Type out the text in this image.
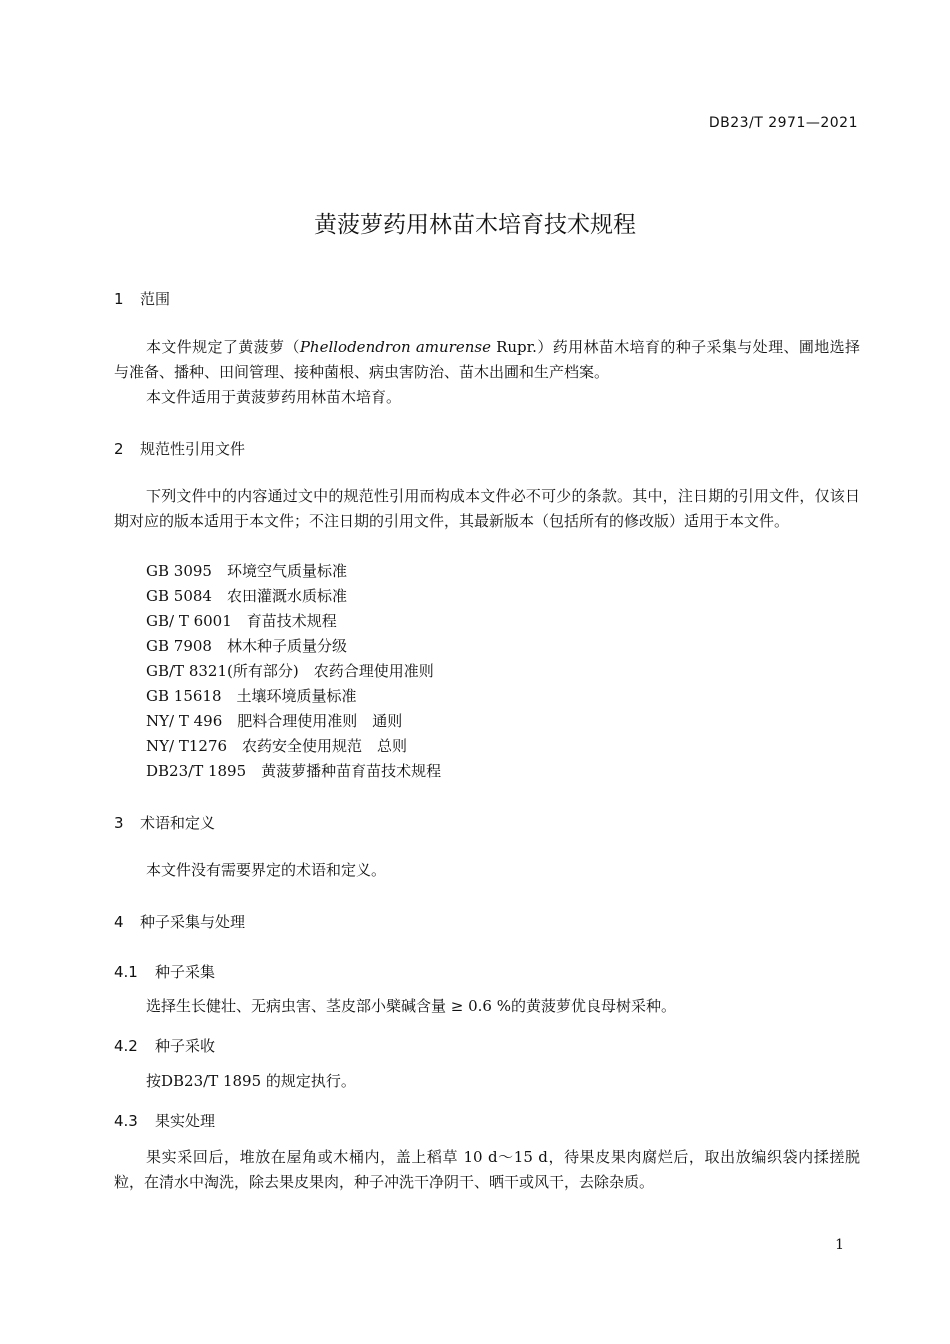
DB23/T 2971—2021
黄菠萝药用林苗木培育技术规程
1 范围
本文件规定了黄菠萝（Phellodendron amurense Rupr.）药用林苗木培育的种子采集与处理、圃地选择与准备、播种、田间管理、接种菌根、病虫害防治、苗木出圃和生产档案。
本文件适用于黄菠萝药用林苗木培育。
2 规范性引用文件
下列文件中的内容通过文中的规范性引用而构成本文件必不可少的条款。其中，注日期的引用文件，仅该日期对应的版本适用于本文件；不注日期的引用文件，其最新版本（包括所有的修改版）适用于本文件。
GB 3095　 环境空气质量标准
GB 5084　 农田灌溉水质标准
GB/ T 6001　 育苗技术规程
GB 7908　 林木种子质量分级
GB/T 8321(所有部分)　 农药合理使用准则
GB 15618　 土壤环境质量标准
NY/ T 496　 肥料合理使用准则　通则
NY/ T1276　 农药安全使用规范　总则
DB23/T 1895　 黄菠萝播种苗育苗技术规程
3 术语和定义
本文件没有需要界定的术语和定义。
4 种子采集与处理
4.1 种子采集
选择生长健壮、无病虫害、茎皮部小檗碱含量 ≥ 0.6 %的黄菠萝优良母树采种。
4.2 种子采收
按DB23/T 1895 的规定执行。
4.3 果实处理
果实采回后，堆放在屋角或木桶内，盖上稻草 10 d～15 d，待果皮果肉腐烂后，取出放编织袋内揉搓脱粒，在清水中淘洗，除去果皮果肉，种子冲洗干净阴干、晒干或风干，去除杂质。
1
